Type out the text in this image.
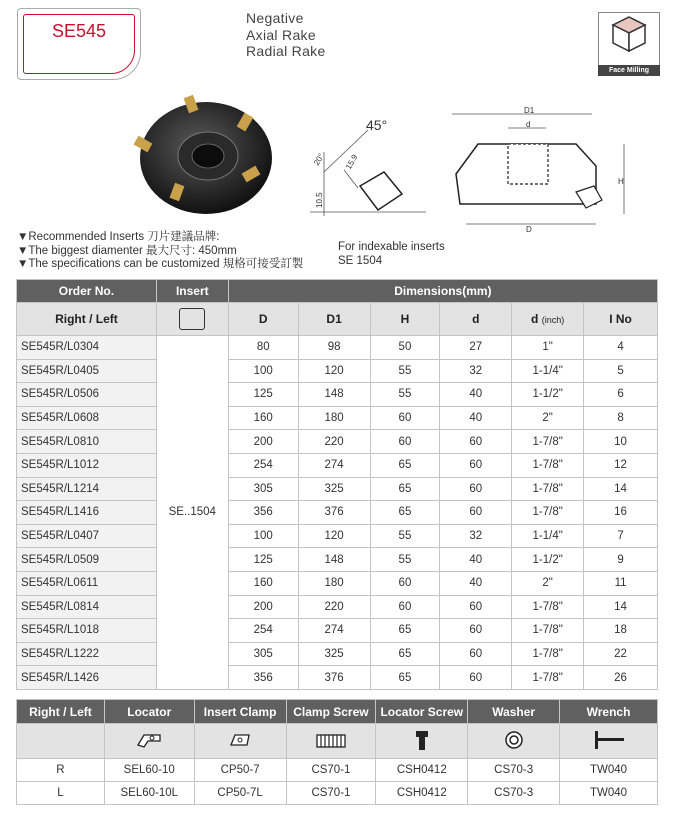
SE545
Negative
Axial Rake
Radial Rake
Face Milling
45°
20° 15.9
10.5
D1
d
H
D
▼Recommended Inserts 刀片建議品牌:
▼The biggest diamenter 最大尺寸: 450mm
▼The specifications can be customized 規格可接受訂製
For indexable inserts
SE 1504
Order No.	Insert	Dimensions(mm)					
Right / Left		D	D1	H	d	d (inch)	I No
SE545R/L0304	SE..1504	80	98	50	27	1"	4
SE545R/L0405		100	120	55	32	1-1/4"	5
SE545R/L0506		125	148	55	40	1-1/2"	6
SE545R/L0608		160	180	60	40	2"	8
SE545R/L0810		200	220	60	60	1-7/8"	10
SE545R/L1012		254	274	65	60	1-7/8"	12
SE545R/L1214		305	325	65	60	1-7/8"	14
SE545R/L1416		356	376	65	60	1-7/8"	16
SE545R/L0407		100	120	55	32	1-1/4"	7
SE545R/L0509		125	148	55	40	1-1/2"	9
SE545R/L0611		160	180	60	40	2"	11
SE545R/L0814		200	220	60	60	1-7/8"	14
SE545R/L1018		254	274	65	60	1-7/8"	18
SE545R/L1222		305	325	65	60	1-7/8"	22
SE545R/L1426		356	376	65	60	1-7/8"	26
Right / Left	Locator	Insert Clamp	Clamp Screw	Locator Screw	Washer	Wrench

R	SEL60-10	CP50-7	CS70-1	CSH0412	CS70-3	TW040
L	SEL60-10L	CP50-7L	CS70-1	CSH0412	CS70-3	TW040
